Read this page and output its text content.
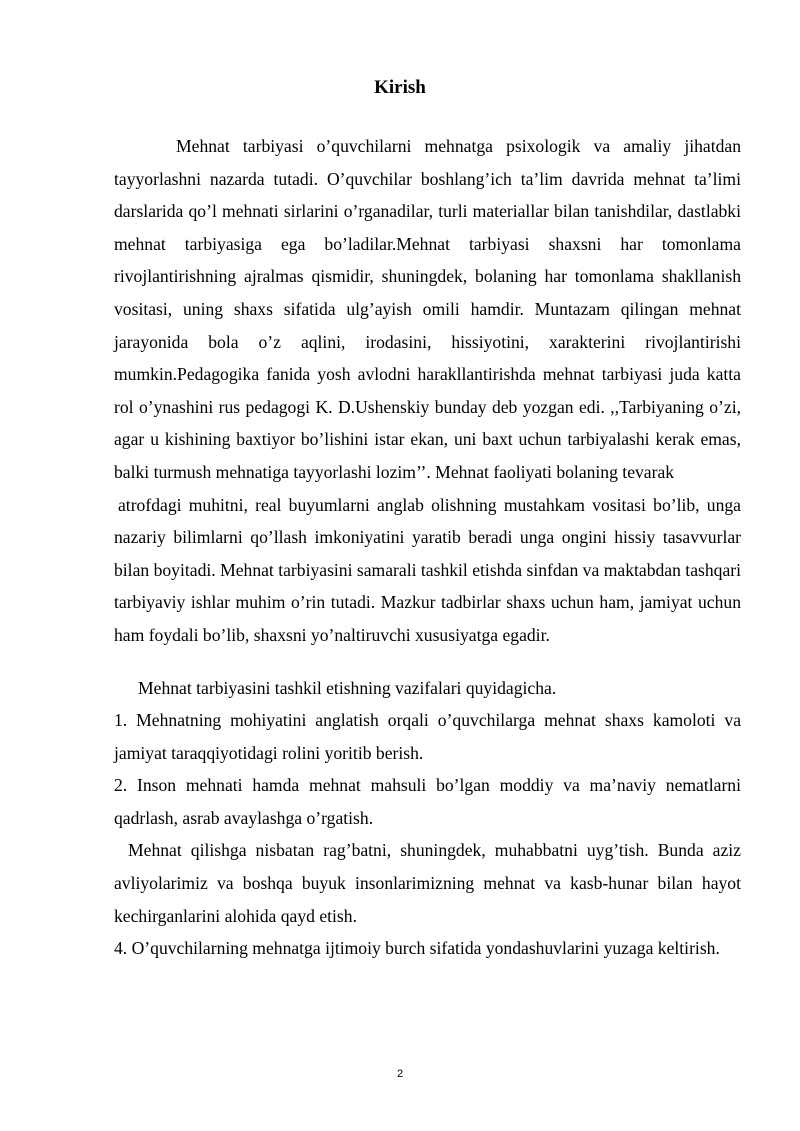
Kirish

Mehnat tarbiyasi o’quvchilarni mehnatga psixologik va amaliy jihatdan tayyorlashni nazarda tutadi. O’quvchilar boshlang’ich ta’lim davrida mehnat ta’limi darslarida qo’l mehnati sirlarini o’rganadilar, turli materiallar bilan tanishdilar, dastlabki mehnat tarbiyasiga ega bo’ladilar.Mehnat tarbiyasi shaxsni har tomonlama rivojlantirishning ajralmas qismidir, shuningdek, bolaning har tomonlama shakllanish vositasi, uning shaxs sifatida ulg’ayish omili hamdir. Muntazam qilingan mehnat jarayonida bola o’z aqlini, irodasini, hissiyotini, xarakterini rivojlantirishi mumkin.Pedagogika fanida yosh avlodni harakllantirishda mehnat tarbiyasi juda katta rol o’ynashini rus pedagogi K. D.Ushenskiy bunday deb yozgan edi. ,,Tarbiyaning o’zi, agar u kishining baxtiyor bo’lishini istar ekan, uni baxt uchun tarbiyalashi kerak emas, balki turmush mehnatiga tayyorlashi lozim’’. Mehnat faoliyati bolaning tevarak

atrofdagi muhitni, real buyumlarni anglab olishning mustahkam vositasi bo’lib, unga nazariy bilimlarni qo’llash imkoniyatini yaratib beradi unga ongini hissiy tasavvurlar bilan boyitadi. Mehnat tarbiyasini samarali tashkil etishda sinfdan va maktabdan tashqari tarbiyaviy ishlar muhim o’rin tutadi. Mazkur tadbirlar shaxs uchun ham, jamiyat uchun ham foydali bo’lib, shaxsni yo’naltiruvchi xususiyatga egadir.

Mehnat tarbiyasini tashkil etishning vazifalari quyidagicha.

1. Mehnatning mohiyatini anglatish orqali o’quvchilarga mehnat shaxs kamoloti va jamiyat taraqqiyotidagi rolini yoritib berish.

2. Inson mehnati hamda mehnat mahsuli bo’lgan moddiy va ma’naviy nematlarni qadrlash, asrab avaylashga o’rgatish.

Mehnat qilishga nisbatan rag’batni, shuningdek, muhabbatni uyg’tish. Bunda aziz avliyolarimiz va boshqa buyuk insonlarimizning mehnat va kasb-hunar bilan hayot kechirganlarini alohida qayd etish.

4. O’quvchilarning mehnatga ijtimoiy burch sifatida yondashuvlarini yuzaga keltirish.

2
